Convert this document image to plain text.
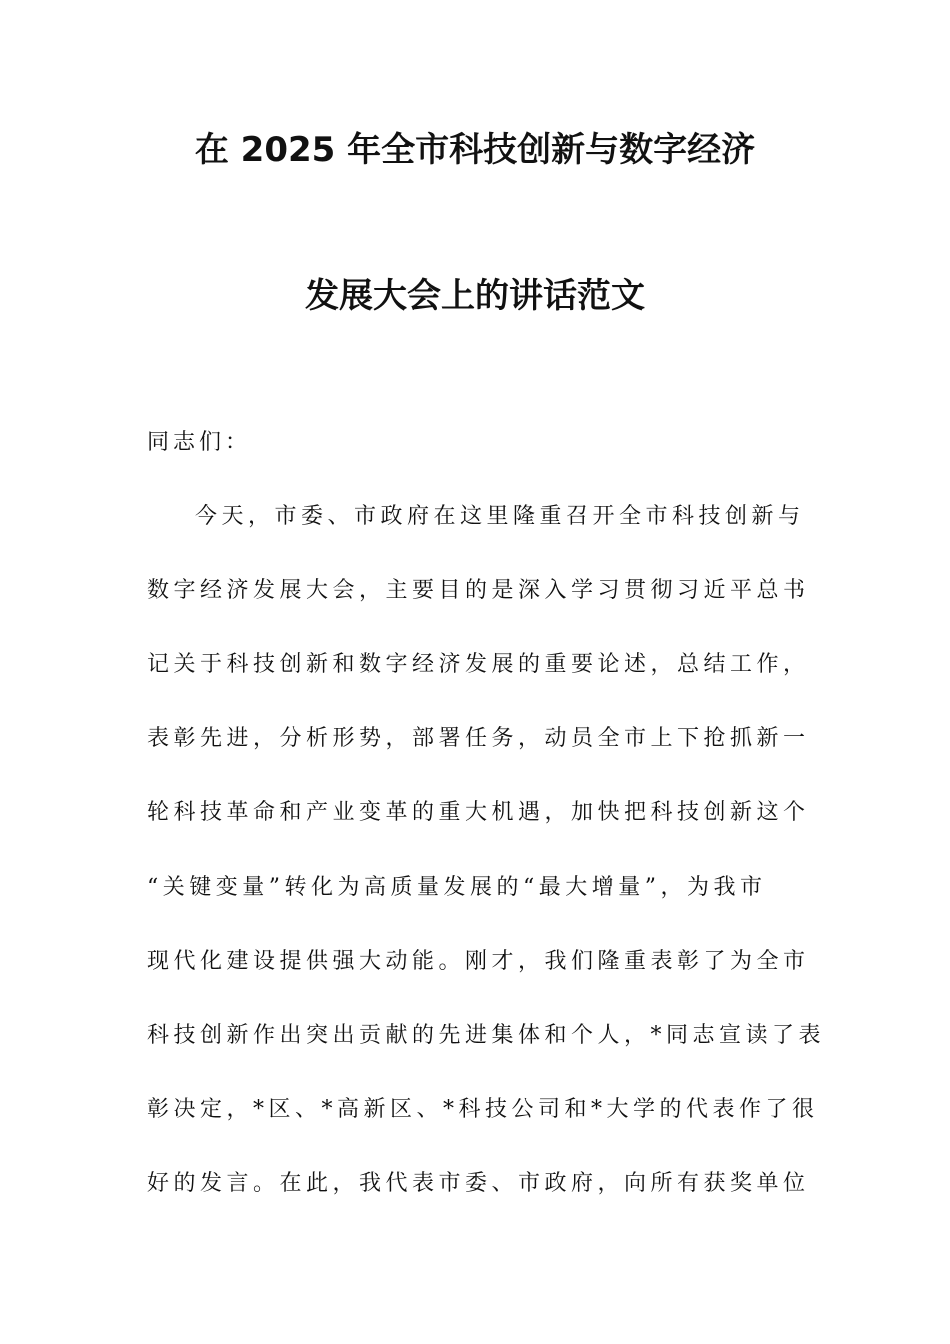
在 2025 年全市科技创新与数字经济
发展大会上的讲话范文
同志们：
今天，市委、市政府在这里隆重召开全市科技创新与
数字经济发展大会，主要目的是深入学习贯彻习近平总书
记关于科技创新和数字经济发展的重要论述，总结工作，
表彰先进，分析形势，部署任务，动员全市上下抢抓新一
轮科技革命和产业变革的重大机遇，加快把科技创新这个
“关键变量”转化为高质量发展的“最大增量”，为我市
现代化建设提供强大动能。刚才，我们隆重表彰了为全市
科技创新作出突出贡献的先进集体和个人，*同志宣读了表
彰决定，*区、*高新区、*科技公司和*大学的代表作了很
好的发言。在此，我代表市委、市政府，向所有获奖单位
